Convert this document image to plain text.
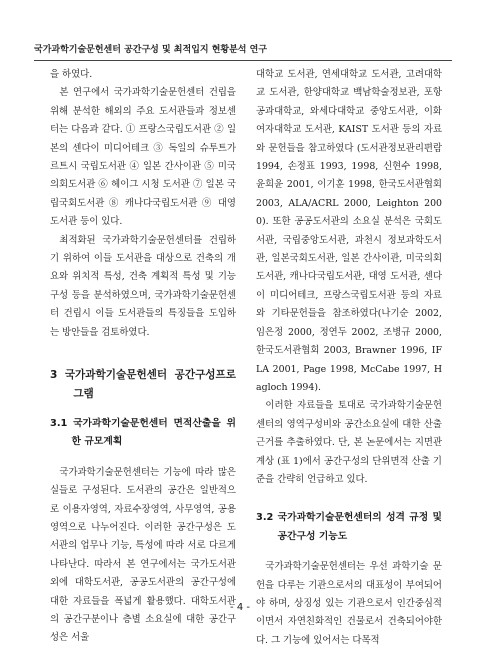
국가과학기술문헌센터 공간구성 및 최적입지 현황분석 연구

을 하였다.

본 연구에서 국가과학기술문헌센터 건립을 위해 분석한 해외의 주요 도서관들과 정보센터는 다음과 같다. ① 프랑스국립도서관 ② 일본의 센다이 미디어테크 ③ 독일의 슈투트가르트시 국립도서관 ④ 일본 간사이관 ⑤ 미국의회도서관 ⑥ 헤이그 시청 도서관 ⑦ 일본 국립국회도서관 ⑧ 캐나다국립도서관 ⑨ 대영 도서관 등이 있다.

최적화된 국가과학기술문헌센터를 건립하기 위하여 이들 도서관을 대상으로 건축의 개요와 위치적 특성, 건축 계획적 특성 및 기능구성 등을 분석하였으며, 국가과학기술문헌센터 건립시 이들 도서관들의 특징들을 도입하는 방안들을 검토하였다.

3 국가과학기술문헌센터 공간구성프로그램
3.1 국가과학기술문헌센터 면적산출을 위한 규모계획

국가과학기술문헌센터는 기능에 따라 많은 실들로 구성된다. 도서관의 공간은 일반적으로 이용자영역, 자료수장영역, 사무영역, 공용영역으로 나누어진다. 이러한 공간구성은 도서관의 업무나 기능, 특성에 따라 서로 다르게 나타난다. 따라서 본 연구에서는 국가도서관외에 대학도서관, 공공도서관의 공간구성에 대한 자료들을 폭넓게 활용했다. 대학도서관의 공간구분이나 층별 소요실에 대한 공간구성은 서울

대학교 도서관, 연세대학교 도서관, 고려대학교 도서관, 한양대학교 백남학술정보관, 포항공과대학교, 와세다대학교 중앙도서관, 이화여자대학교 도서관, KAIST 도서관 등의 자료와 문헌들을 참고하였다 (도서관정보관리편람 1994, 손정표 1993, 1998, 신현수 1998, 윤희윤 2001, 이기훈 1998, 한국도서관협회 2003, ALA/ACRL 2000, Leighton 2000). 또한 공공도서관의 소요실 분석은 국회도서관, 국립중앙도서관, 과천시 정보과학도서관, 일본국회도서관, 일본 간사이관, 미국의회도서관, 캐나다국립도서관, 대영 도서관, 센다이 미디어테크, 프랑스국립도서관 등의 자료와 기타문헌들을 참조하였다(나기순 2002, 임은정 2000, 정연두 2002, 조병규 2000, 한국도서관협회 2003, Brawner 1996, IFLA 2001, Page 1998, McCabe 1997, Hagloch 1994).

이러한 자료들을 토대로 국가과학기술문헌센터의 영역구성비와 공간소요실에 대한 산출근거를 추출하였다. 단, 본 논문에서는 지면관계상 (표 1)에서 공간구성의 단위면적 산출 기준을 간략히 언급하고 있다.

3.2 국가과학기술문헌센터의 성격 규정 및 공간구성 기능도

국가과학기술문헌센터는 우선 과학기술 문헌을 다루는 기관으로서의 대표성이 부여되어야 하며, 상징성 있는 기관으로서 인간중심적이면서 자연친화적인 건물로서 건축되어야한다. 그 기능에 있어서는 다목적

- 4 -
